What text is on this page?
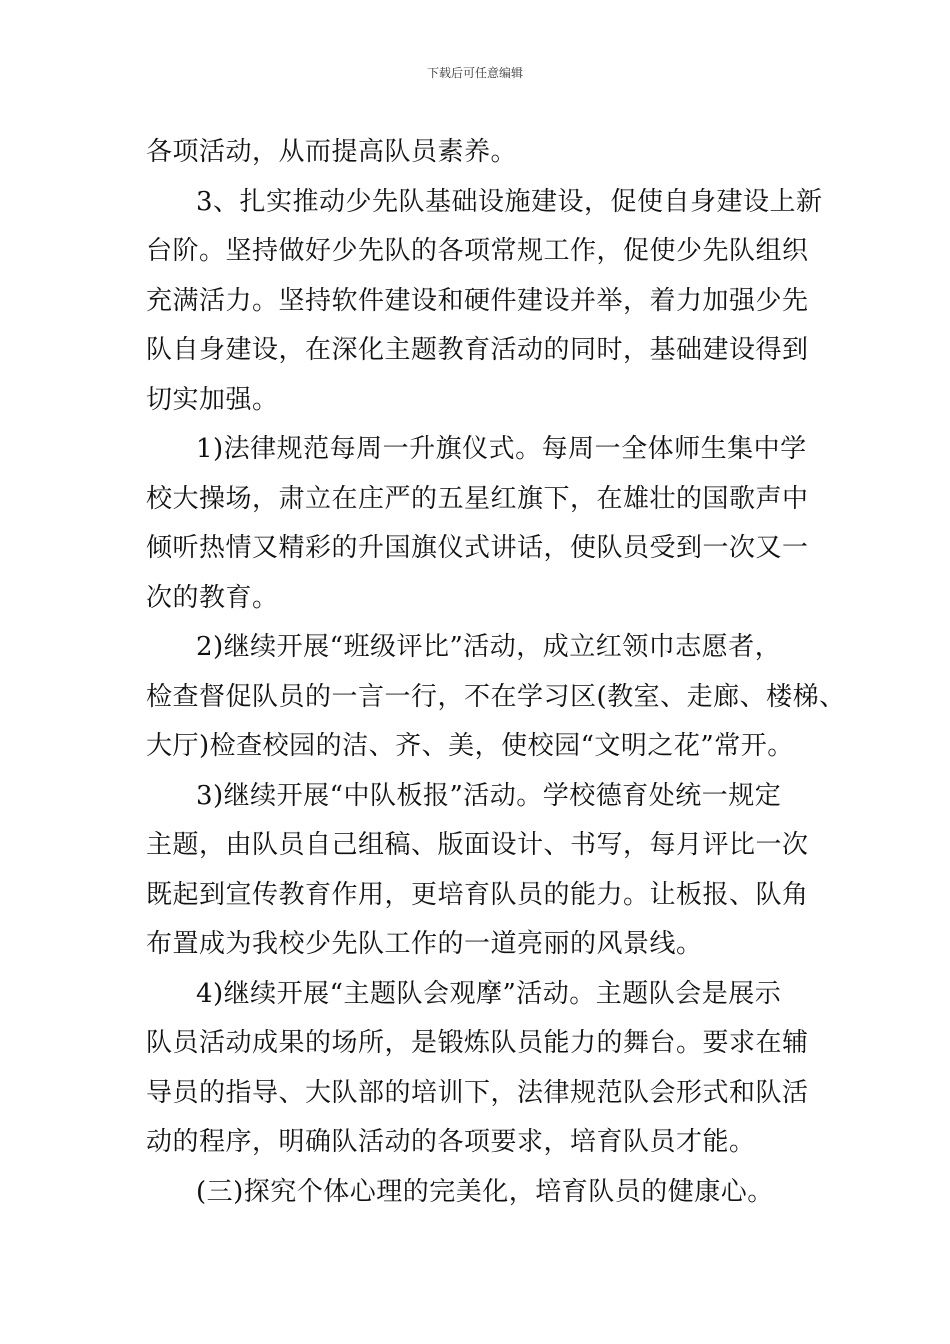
下载后可任意编辑
各项活动，从而提高队员素养。
3、扎实推动少先队基础设施建设，促使自身建设上新
台阶。坚持做好少先队的各项常规工作，促使少先队组织
充满活力。坚持软件建设和硬件建设并举，着力加强少先
队自身建设，在深化主题教育活动的同时，基础建设得到
切实加强。
1)法律规范每周一升旗仪式。每周一全体师生集中学
校大操场，肃立在庄严的五星红旗下，在雄壮的国歌声中
倾听热情又精彩的升国旗仪式讲话，使队员受到一次又一
次的教育。
2)继续开展“班级评比”活动，成立红领巾志愿者，
检查督促队员的一言一行，不在学习区(教室、走廊、楼梯、
大厅)检查校园的洁、齐、美，使校园“文明之花”常开。
3)继续开展“中队板报”活动。学校德育处统一规定
主题，由队员自己组稿、版面设计、书写，每月评比一次
既起到宣传教育作用，更培育队员的能力。让板报、队角
布置成为我校少先队工作的一道亮丽的风景线。
4)继续开展“主题队会观摩”活动。主题队会是展示
队员活动成果的场所，是锻炼队员能力的舞台。要求在辅
导员的指导、大队部的培训下，法律规范队会形式和队活
动的程序，明确队活动的各项要求，培育队员才能。
(三)探究个体心理的完美化，培育队员的健康心。
